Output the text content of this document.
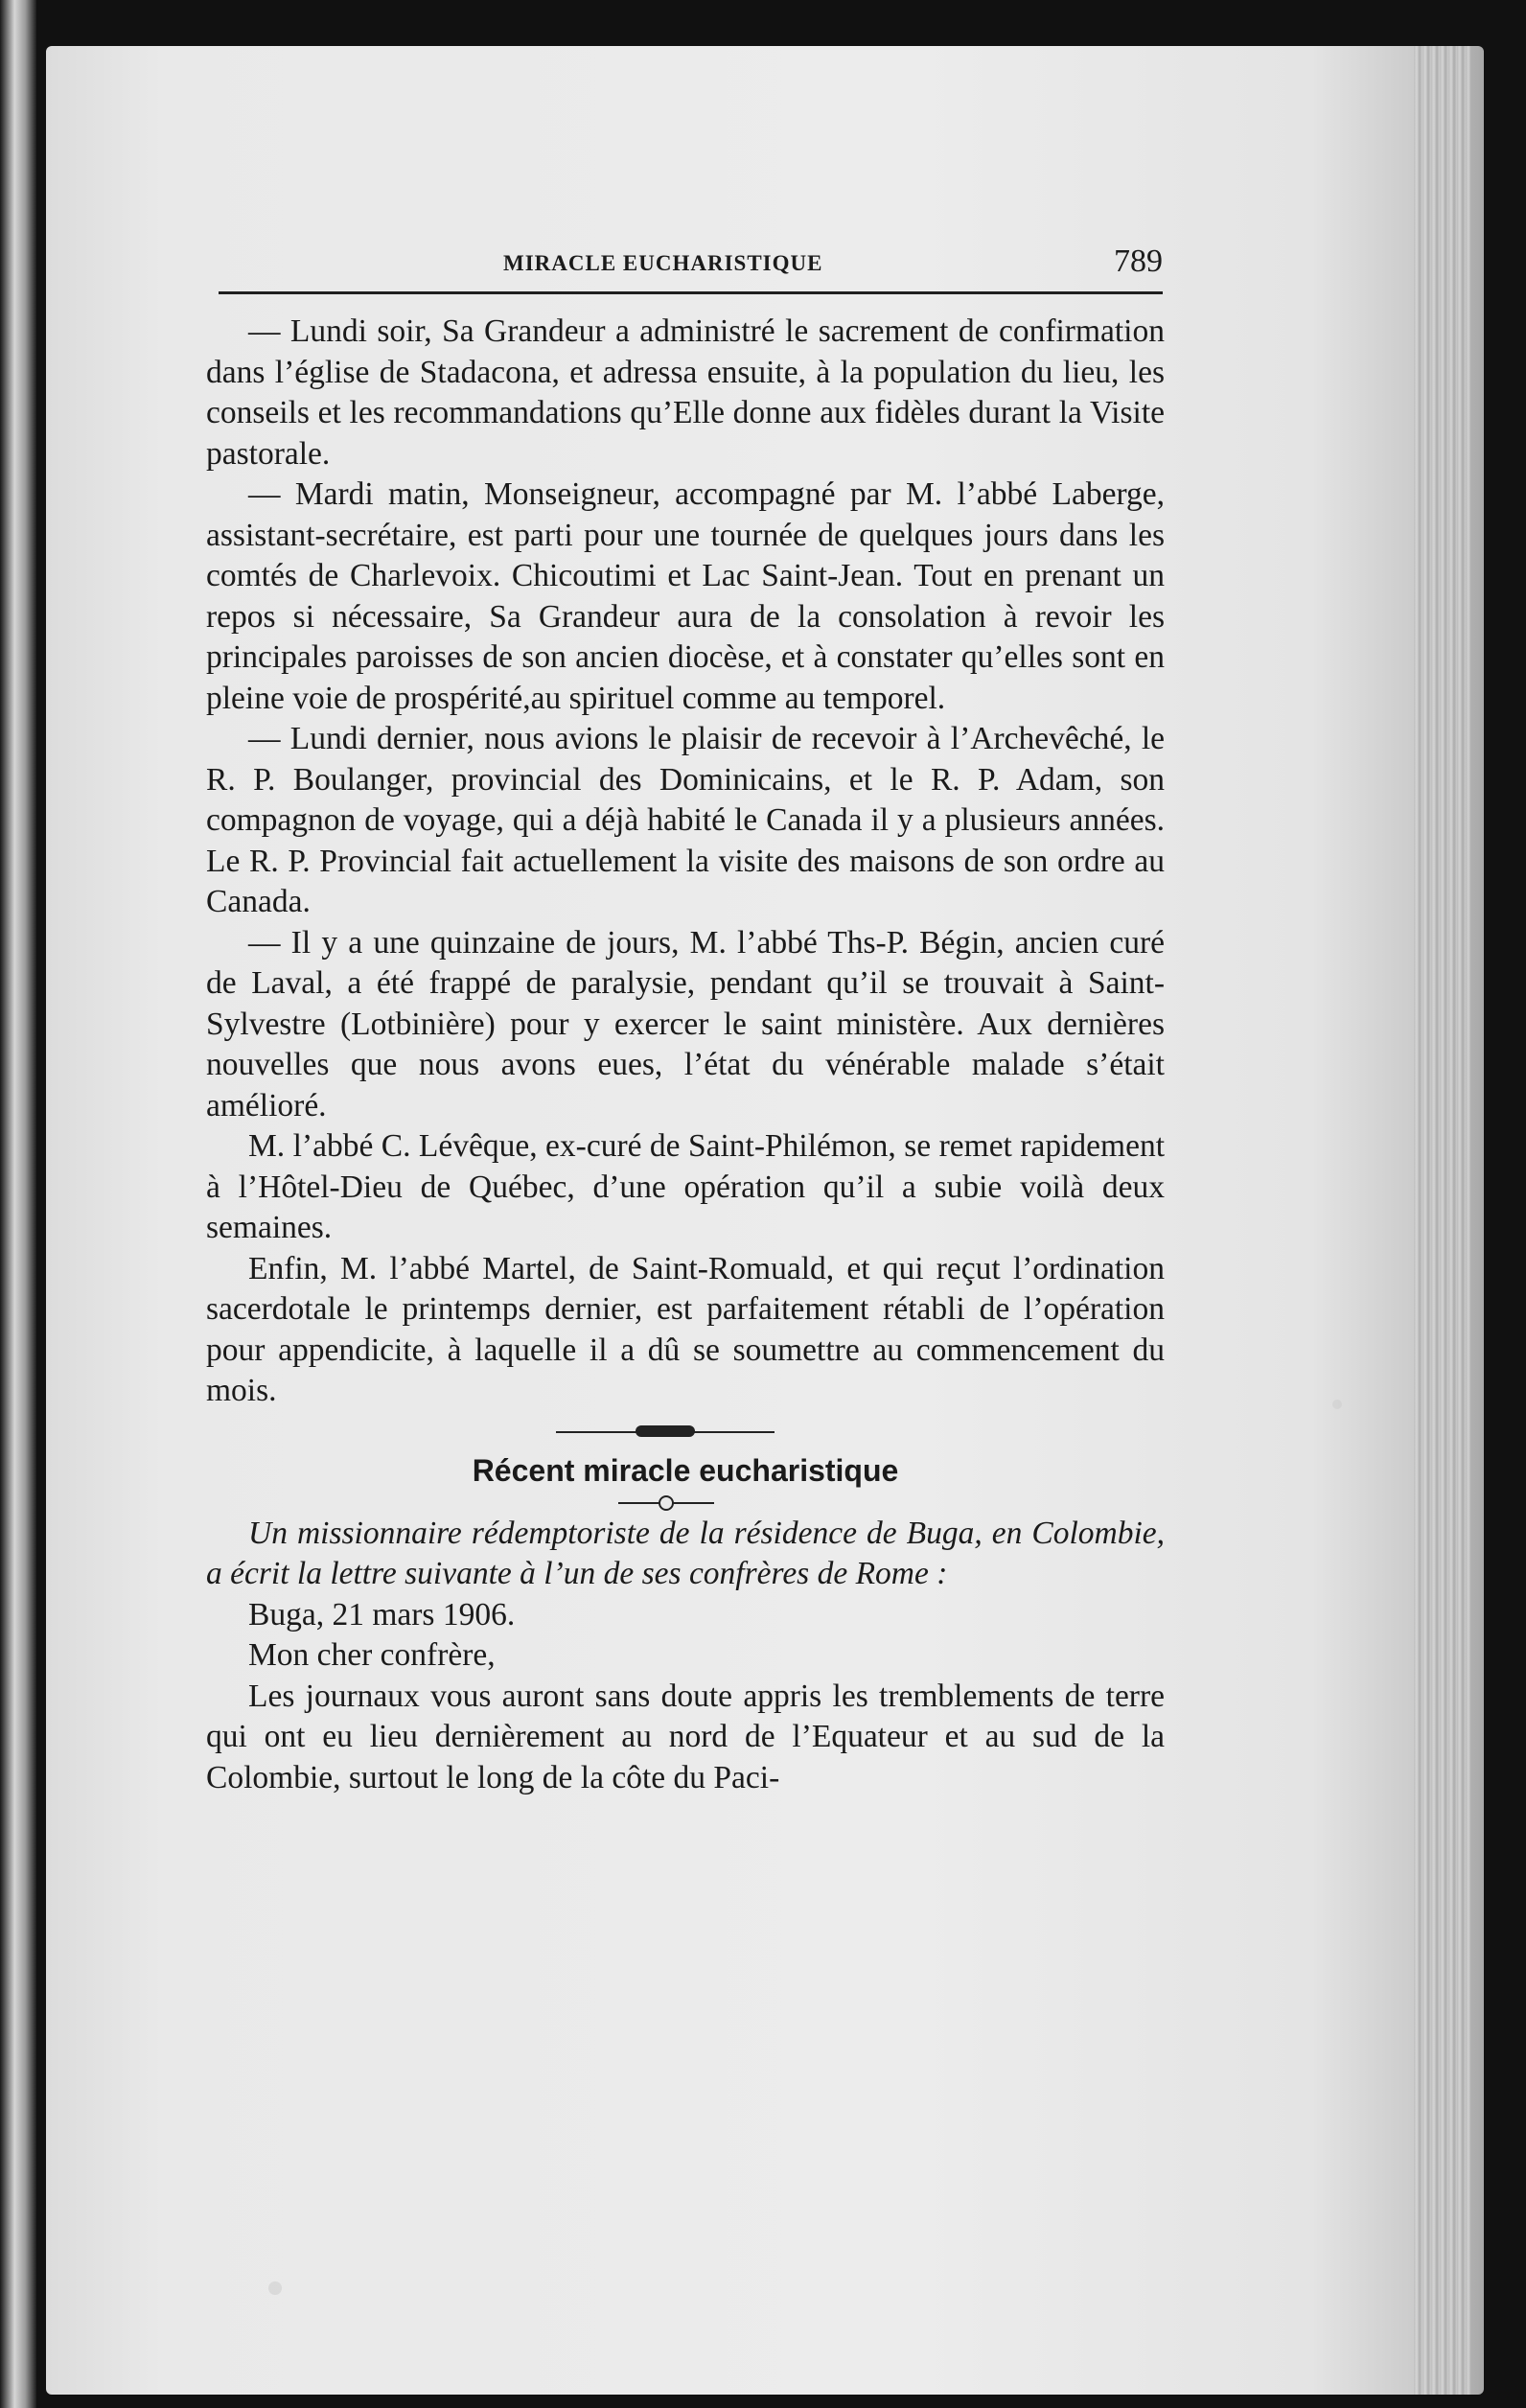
MIRACLE EUCHARISTIQUE	789

— Lundi soir, Sa Grandeur a administré le sacrement de confirmation dans l’église de Stadacona, et adressa ensuite, à la population du lieu, les conseils et les recommandations qu’Elle donne aux fidèles durant la Visite pastorale.

— Mardi matin, Monseigneur, accompagné par M. l’abbé Laberge, assistant-secrétaire, est parti pour une tournée de quelques jours dans les comtés de Charlevoix. Chicoutimi et Lac Saint-Jean. Tout en prenant un repos si nécessaire, Sa Grandeur aura de la consolation à revoir les principales paroisses de son ancien diocèse, et à constater qu’elles sont en pleine voie de prospérité,au spirituel comme au temporel.

— Lundi dernier, nous avions le plaisir de recevoir à l’Archevêché, le R. P. Boulanger, provincial des Dominicains, et le R. P. Adam, son compagnon de voyage, qui a déjà habité le Canada il y a plusieurs années. Le R. P. Provincial fait actuellement la visite des maisons de son ordre au Canada.

— Il y a une quinzaine de jours, M. l’abbé Ths-P. Bégin, ancien curé de Laval, a été frappé de paralysie, pendant qu’il se trouvait à Saint-Sylvestre (Lotbinière) pour y exercer le saint ministère. Aux dernières nouvelles que nous avons eues, l’état du vénérable malade s’était amélioré.

M. l’abbé C. Lévêque, ex-curé de Saint-Philémon, se remet rapidement à l’Hôtel-Dieu de Québec, d’une opération qu’il a subie voilà deux semaines.

Enfin, M. l’abbé Martel, de Saint-Romuald, et qui reçut l’ordination sacerdotale le printemps dernier, est parfaitement rétabli de l’opération pour appendicite, à laquelle il a dû se soumettre au commencement du mois.

Récent miracle eucharistique

Un missionnaire rédemptoriste de la résidence de Buga, en Colombie, a écrit la lettre suivante à l’un de ses confrères de Rome :

Buga, 21 mars 1906.

Mon cher confrère,

Les journaux vous auront sans doute appris les tremblements de terre qui ont eu lieu dernièrement au nord de l’Equateur et au sud de la Colombie, surtout le long de la côte du Paci-
